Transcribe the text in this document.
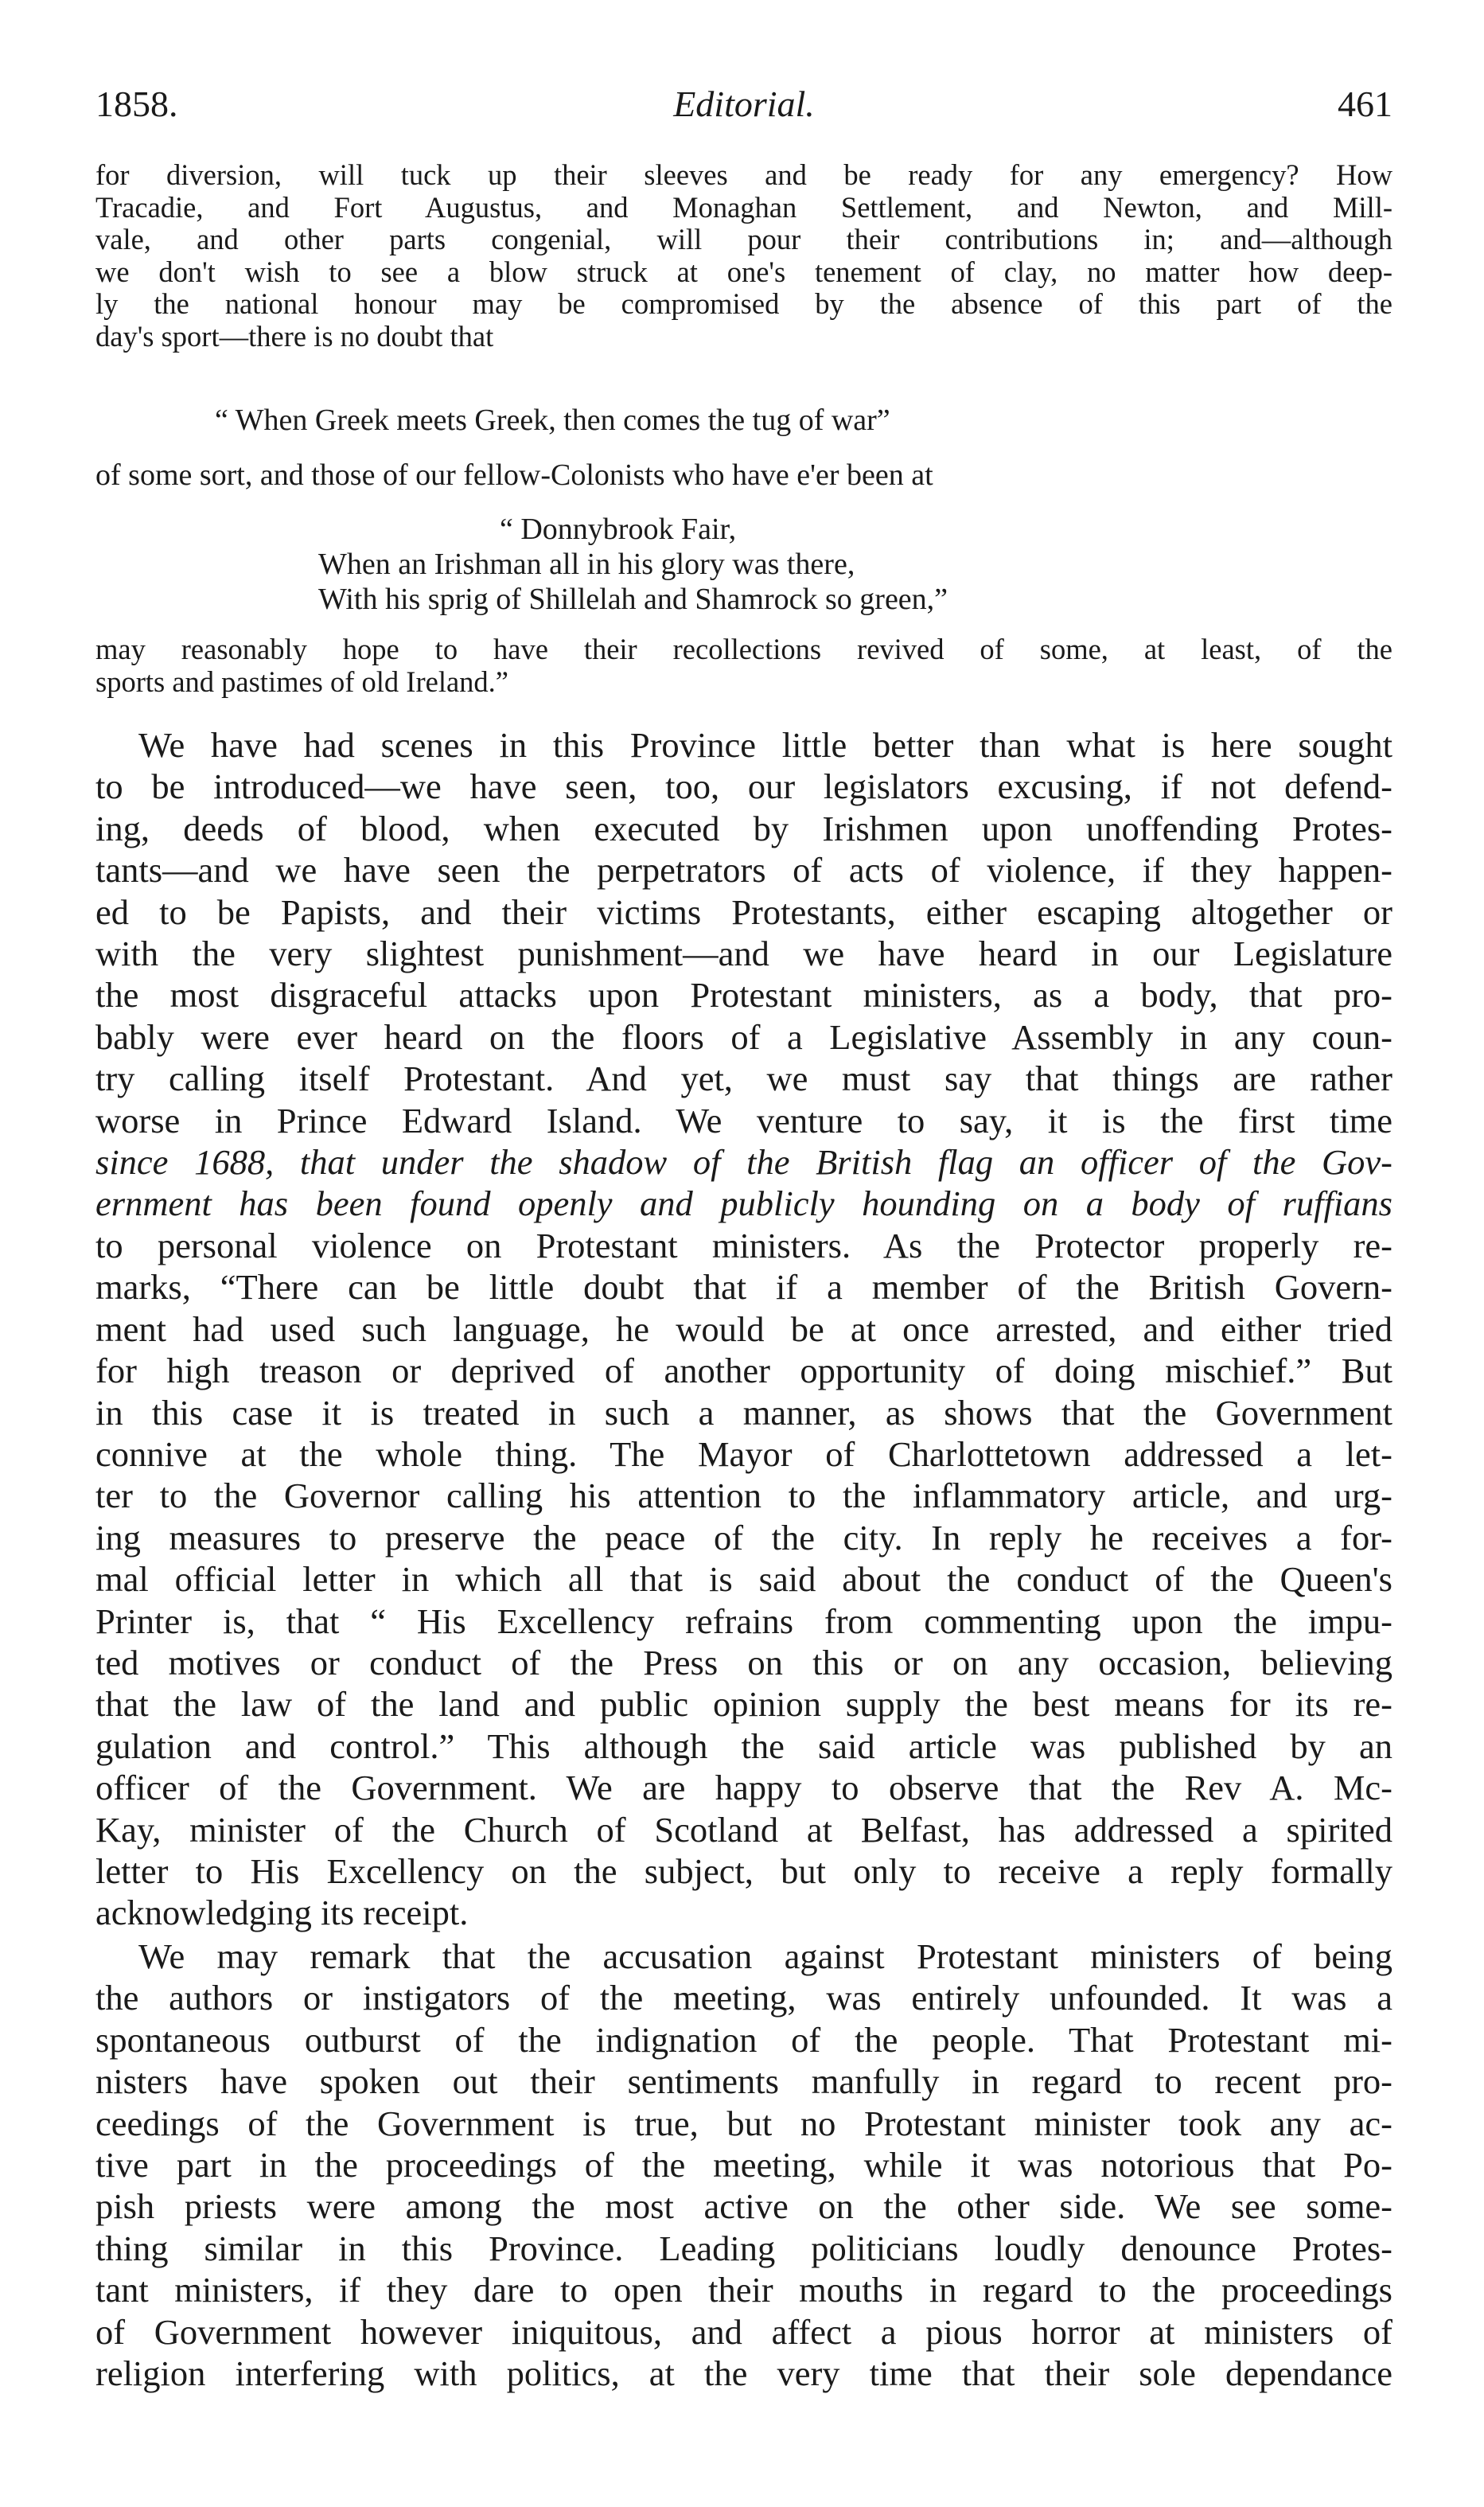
1858.	Editorial.	461
for diversion, will tuck up their sleeves and be ready for any emergency? How
Tracadie, and Fort Augustus, and Monaghan Settlement, and Newton, and Mill-
vale, and other parts congenial, will pour their contributions in; and—although
we don't wish to see a blow struck at one's tenement of clay, no matter how deep-
ly the national honour may be compromised by the absence of this part of the
day's sport—there is no doubt that

“ When Greek meets Greek, then comes the tug of war”

of some sort, and those of our fellow-Colonists who have e'er been at

“ Donnybrook Fair,

When an Irishman all in his glory was there,

With his sprig of Shillelah and Shamrock so green,”

may reasonably hope to have their recollections revived of some, at least, of the
sports and pastimes of old Ireland.”
We have had scenes in this Province little better than what is here sought
to be introduced—we have seen, too, our legislators excusing, if not defend-
ing, deeds of blood, when executed by Irishmen upon unoffending Protes-
tants—and we have seen the perpetrators of acts of violence, if they happen-
ed to be Papists, and their victims Protestants, either escaping altogether or
with the very slightest punishment—and we have heard in our Legislature
the most disgraceful attacks upon Protestant ministers, as a body, that pro-
bably were ever heard on the floors of a Legislative Assembly in any coun-
try calling itself Protestant. And yet, we must say that things are rather
worse in Prince Edward Island. We venture to say, it is the first time
since 1688, that under the shadow of the British flag an officer of the Gov-
ernment has been found openly and publicly hounding on a body of ruffians
to personal violence on Protestant ministers. As the Protector properly re-
marks, “There can be little doubt that if a member of the British Govern-
ment had used such language, he would be at once arrested, and either tried
for high treason or deprived of another opportunity of doing mischief.” But
in this case it is treated in such a manner, as shows that the Government
connive at the whole thing. The Mayor of Charlottetown addressed a let-
ter to the Governor calling his attention to the inflammatory article, and urg-
ing measures to preserve the peace of the city. In reply he receives a for-
mal official letter in which all that is said about the conduct of the Queen's
Printer is, that “ His Excellency refrains from commenting upon the impu-
ted motives or conduct of the Press on this or on any occasion, believing
that the law of the land and public opinion supply the best means for its re-
gulation and control.” This although the said article was published by an
officer of the Government. We are happy to observe that the Rev A. Mc-
Kay, minister of the Church of Scotland at Belfast, has addressed a spirited
letter to His Excellency on the subject, but only to receive a reply formally
acknowledging its receipt.
We may remark that the accusation against Protestant ministers of being
the authors or instigators of the meeting, was entirely unfounded. It was a
spontaneous outburst of the indignation of the people. That Protestant mi-
nisters have spoken out their sentiments manfully in regard to recent pro-
ceedings of the Government is true, but no Protestant minister took any ac-
tive part in the proceedings of the meeting, while it was notorious that Po-
pish priests were among the most active on the other side. We see some-
thing similar in this Province. Leading politicians loudly denounce Protes-
tant ministers, if they dare to open their mouths in regard to the proceedings
of Government however iniquitous, and affect a pious horror at ministers of
religion interfering with politics, at the very time that their sole dependance
